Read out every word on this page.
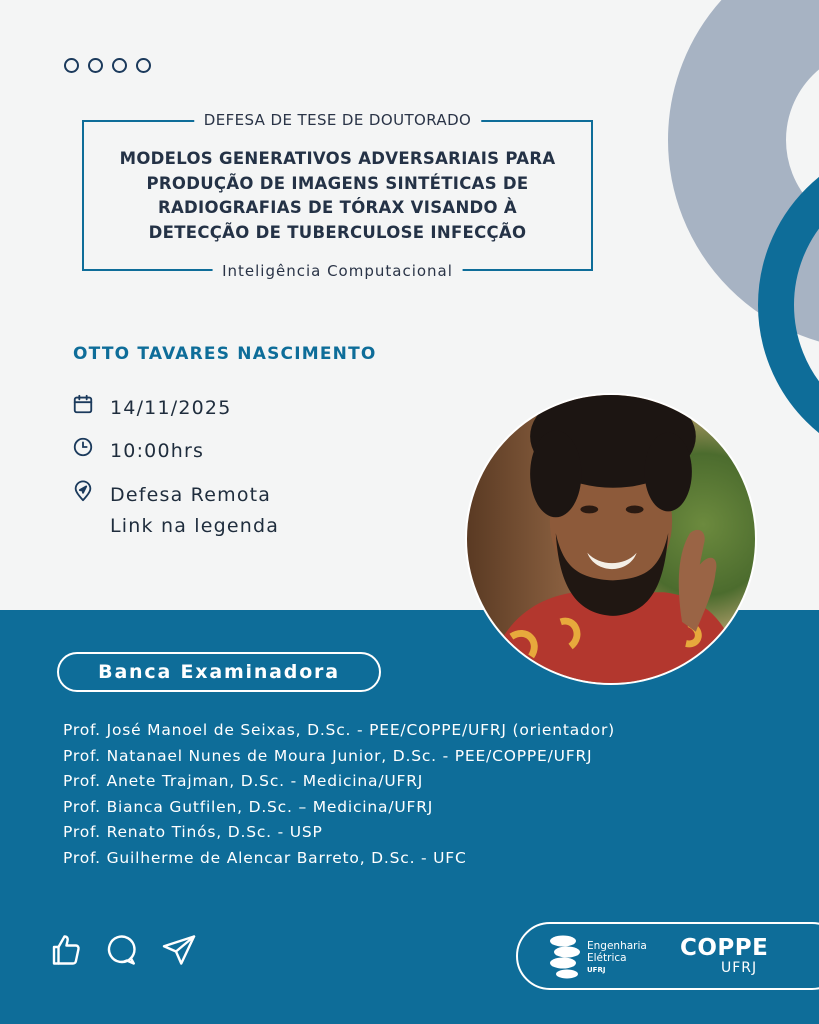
DEFESA DE TESE DE DOUTORADO
MODELOS GENERATIVOS ADVERSARIAIS PARA
PRODUÇÃO DE IMAGENS SINTÉTICAS DE
RADIOGRAFIAS DE TÓRAX VISANDO À
DETECÇÃO DE TUBERCULOSE INFECÇÃO
Inteligência Computacional
OTTO TAVARES NASCIMENTO
14/11/2025
10:00hrs
Defesa Remota
Link na legenda
Banca Examinadora
Prof. José Manoel de Seixas, D.Sc. - PEE/COPPE/UFRJ (orientador)
Prof. Natanael Nunes de Moura Junior, D.Sc. - PEE/COPPE/UFRJ
Prof. Anete Trajman, D.Sc. - Medicina/UFRJ
Prof. Bianca Gutfilen, D.Sc. – Medicina/UFRJ
Prof. Renato Tinós, D.Sc. - USP
Prof. Guilherme de Alencar Barreto, D.Sc. - UFC
Engenharia
Elétrica
UFRJ
COPPE
UFRJ
